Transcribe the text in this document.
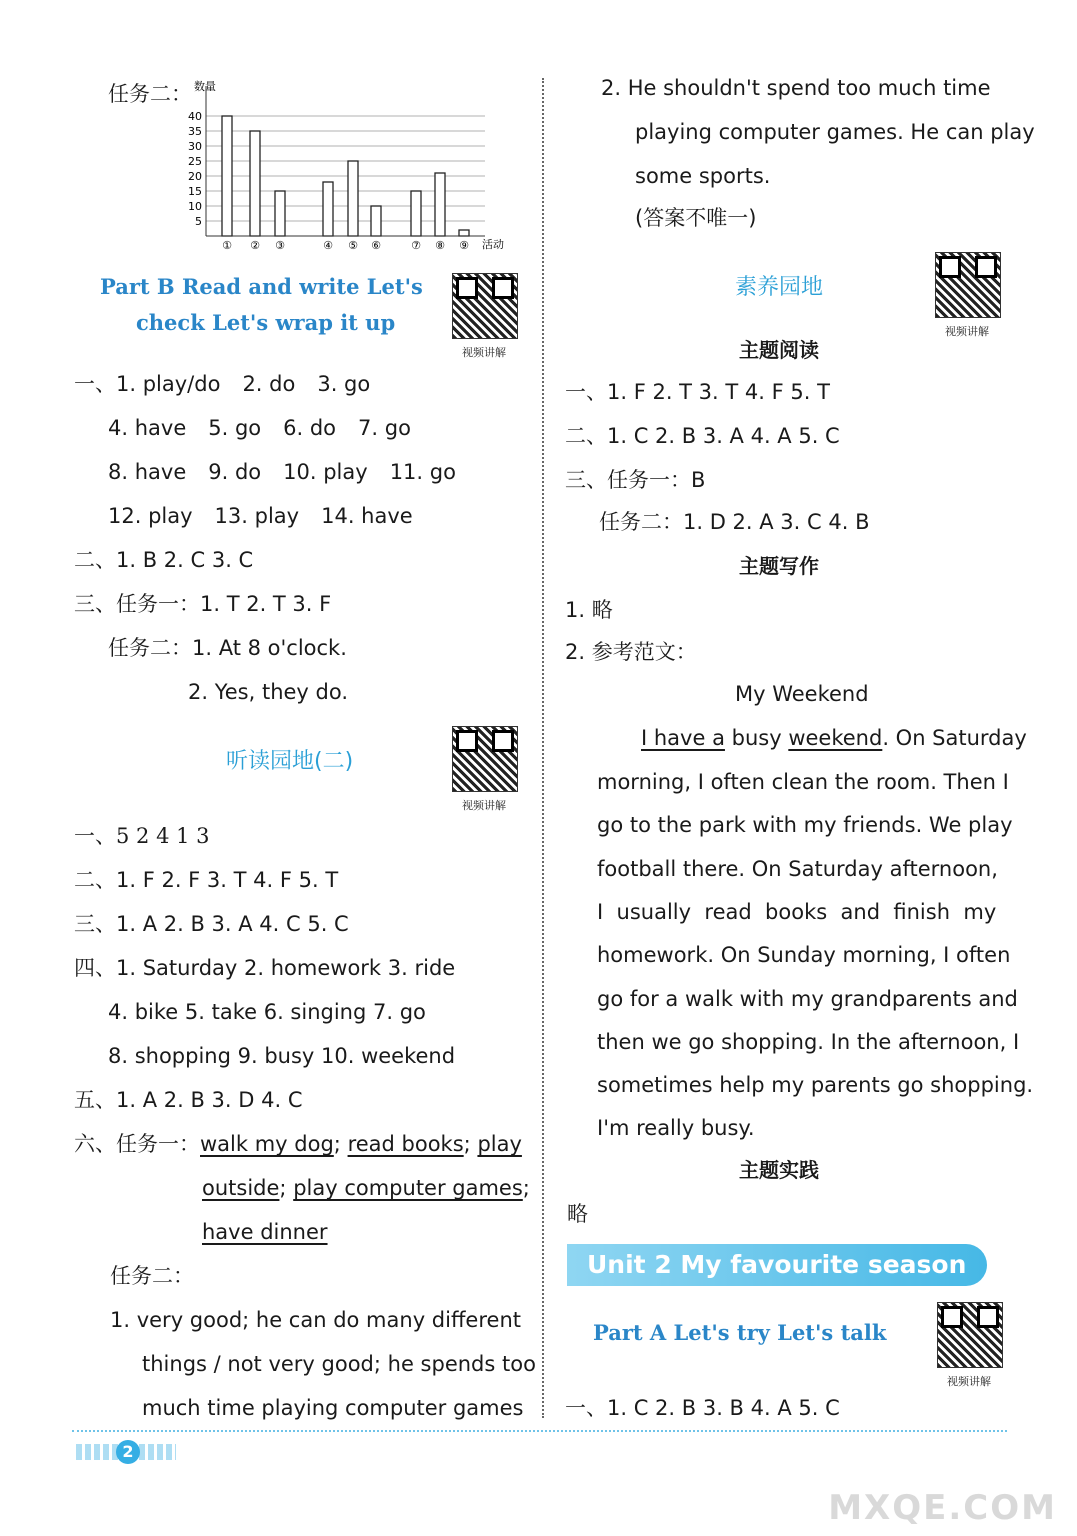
任务二： 数量
活动
5
10
15
20
25
30
35
40
① ② ③	④ ⑤ ⑥	⑦ ⑧ ⑨
Part B Read and write Let's
check Let's wrap it up
视频讲解
一、1. play/do 2. do 3. go
4. have 5. go 6. do 7. go
8. have 9. do 10. play 11. go
12. play 13. play 14. have
二、1. B 2. C 3. C
三、任务一：1. T 2. T 3. F
任务二：1. At 8 o'clock.
2. Yes, they do.
听读园地(二)
视频讲解
一、5 2 4 1 3
二、1. F 2. F 3. T 4. F 5. T
三、1. A 2. B 3. A 4. C 5. C
四、1. Saturday 2. homework 3. ride
4. bike 5. take 6. singing 7. go
8. shopping 9. busy 10. weekend
五、1. A 2. B 3. D 4. C
六、任务一：walk my dog; read books; play
outside; play computer games;
have dinner
任务二：
1. very good; he can do many different
things / not very good; he spends too
much time playing computer games
2. He shouldn't spend too much time
playing computer games. He can play
some sports.
(答案不唯一)
素养园地
视频讲解
主题阅读
一、1. F 2. T 3. T 4. F 5. T
二、1. C 2. B 3. A 4. A 5. C
三、任务一：B
任务二：1. D 2. A 3. C 4. B
主题写作
1. 略
2. 参考范文：
My Weekend
I have a busy weekend. On Saturday
morning, I often clean the room. Then I
go to the park with my friends. We play
football there. On Saturday afternoon,
I  usually  read  books  and  finish  my
homework. On Sunday morning, I often
go for a walk with my grandparents and
then we go shopping. In the afternoon, I
sometimes help my parents go shopping.
I'm really busy.
主题实践
略
Part A Let's try Let's talk
视频讲解
一、1. C 2. B 3. B 4. A 5. C
Unit 2 My favourite season
2
MXQE.COM
